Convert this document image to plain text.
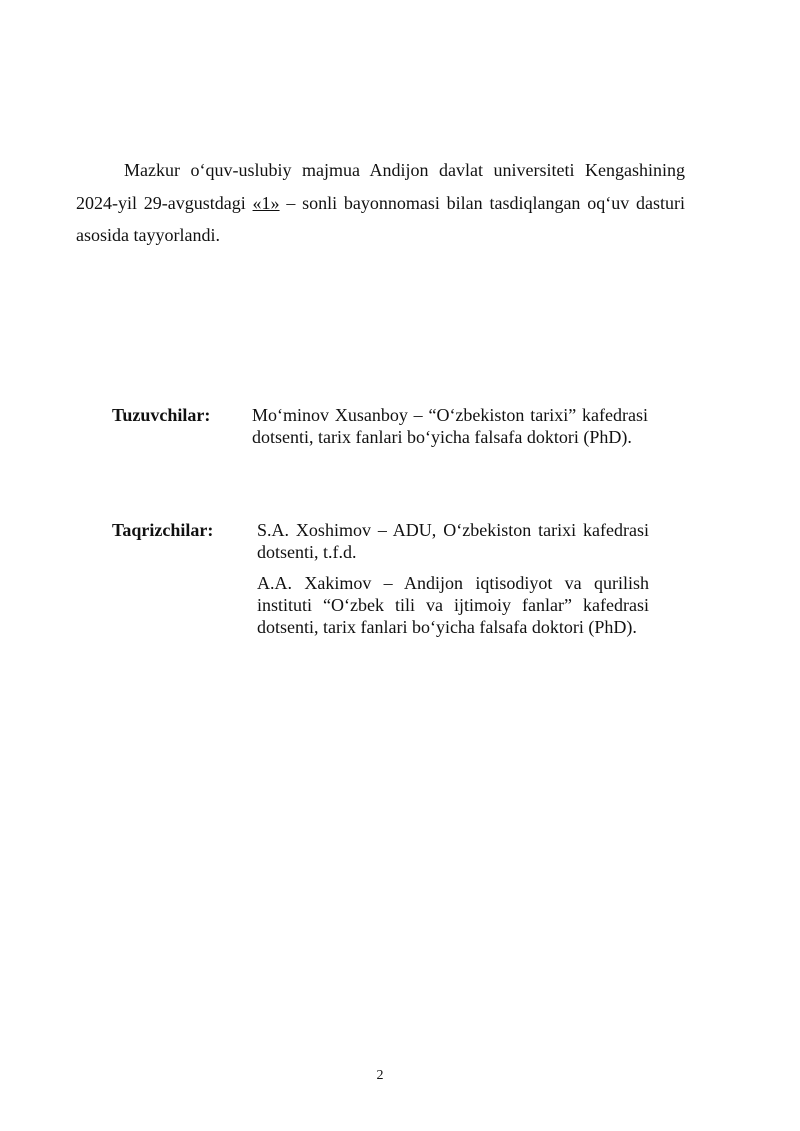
Mazkur o‘quv-uslubiy majmua Andijon davlat universiteti Kengashining 2024-yil 29-avgustdagi «1» – sonli bayonnomasi bilan tasdiqlangan oq‘uv dasturi asosida tayyorlandi.

Tuzuvchilar: Mo‘minov Xusanboy – “O‘zbekiston tarixi” kafedrasi dotsenti, tarix fanlari bo‘yicha falsafa doktori (PhD).

Taqrizchilar: S.A. Xoshimov – ADU, O‘zbekiston tarixi kafedrasi dotsenti, t.f.d.

A.A. Xakimov – Andijon iqtisodiyot va qurilish instituti “O‘zbek tili va ijtimoiy fanlar” kafedrasi dotsenti, tarix fanlari bo‘yicha falsafa doktori (PhD).

2
